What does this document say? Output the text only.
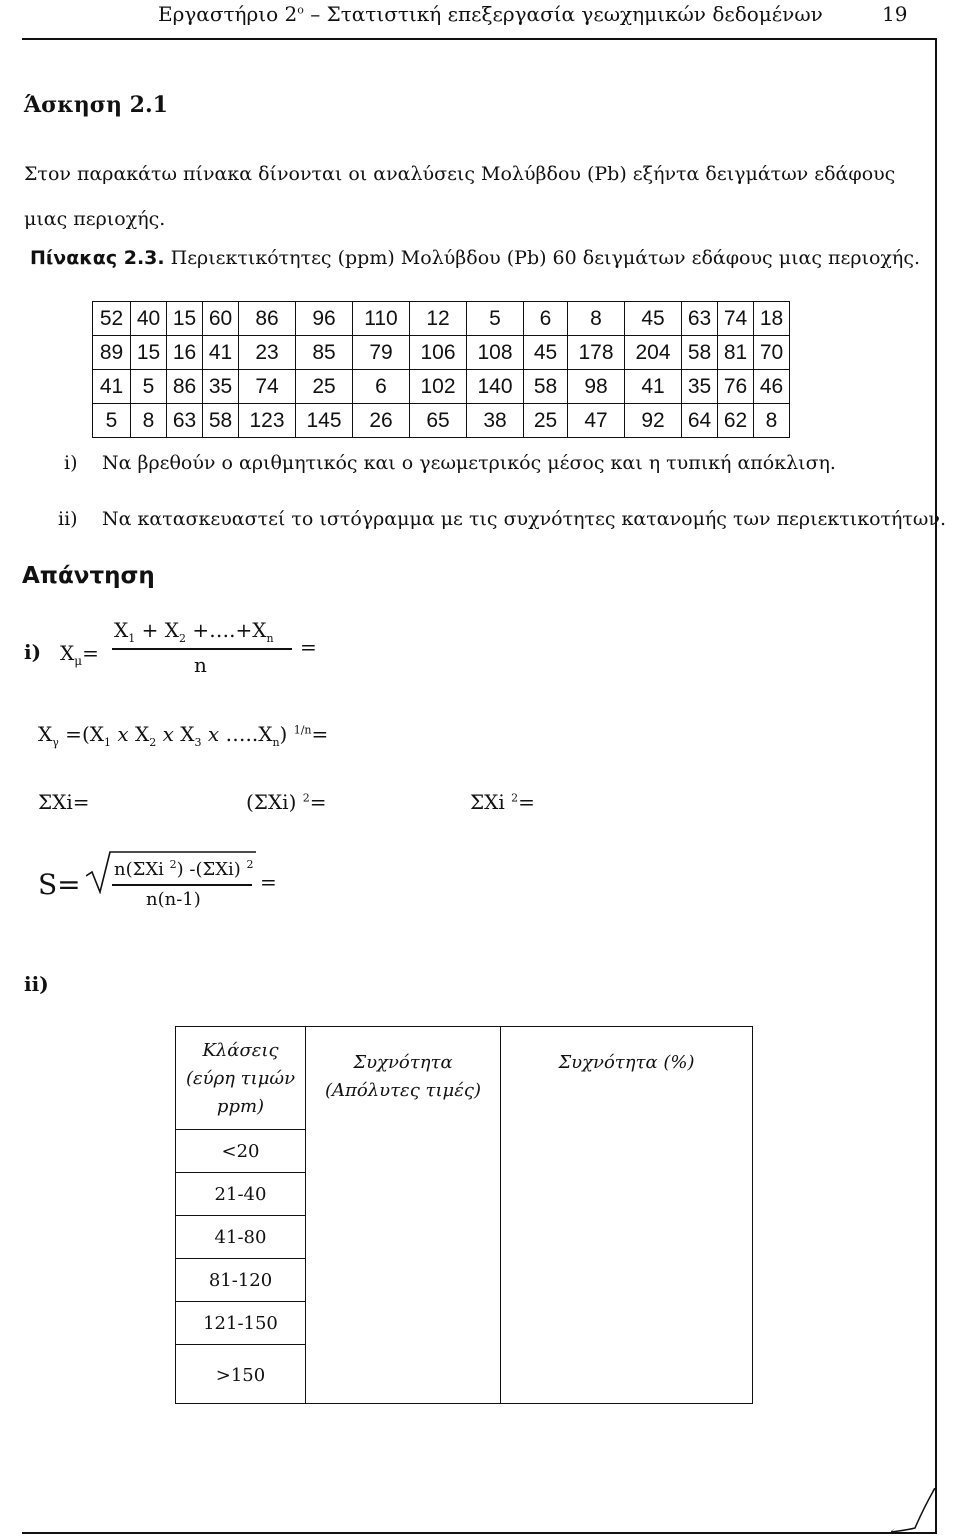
Εργαστήριο $2^o$ – Στατιστική επεξεργασία γεωχημικών δεδομένων	19
Άσκηση 2.1
Στον παρακάτω πίνακα δίνονται οι αναλύσεις Μολύβδου (Pb) εξήντα δειγμάτων εδάφους μιας περιοχής.
Πίνακας 2.3. Περιεκτικότητες (ppm) Μολύβδου (Pb) 60 δειγμάτων εδάφους μιας περιοχής.
52	40	15	60	86	96	110	12	5	6	8	45	63	74	18
89	15	16	41	23	85	79	106	108	45	178	204	58	81	70
41	5	86	35	74	25	6	102	140	58	98	41	35	76	46
5	8	63	58	123	145	26	65	38	25	47	92	64	62	8
i) Να βρεθούν ο αριθμητικός και ο γεωμετρικός μέσος και η τυπική απόκλιση.
ii) Να κατασκευαστεί το ιστόγραμμα με τις συχνότητες κατανομής των περιεκτικοτήτων.
Απάντηση
i) $X_\mu=$
$X_1 + X_2$ $+\dots.+X_n$
n
=
$X_\gamma =(X_1$ x $X_2$ x $X_3$ x $\dots..X_n$) $^{1/n}$=
ΣXi=	(ΣXi) $^2$=	ΣXi $^2$=
S= n(ΣXi $^2$) -(ΣXi) $^2$
n(n-1)
=
ii)
Κλάσεις (εύρη τιμών ppm)	Συχνότητα (Απόλυτες τιμές)	Συχνότητα (%)
<20
21-40
41-80
81-120
121-150
>150
